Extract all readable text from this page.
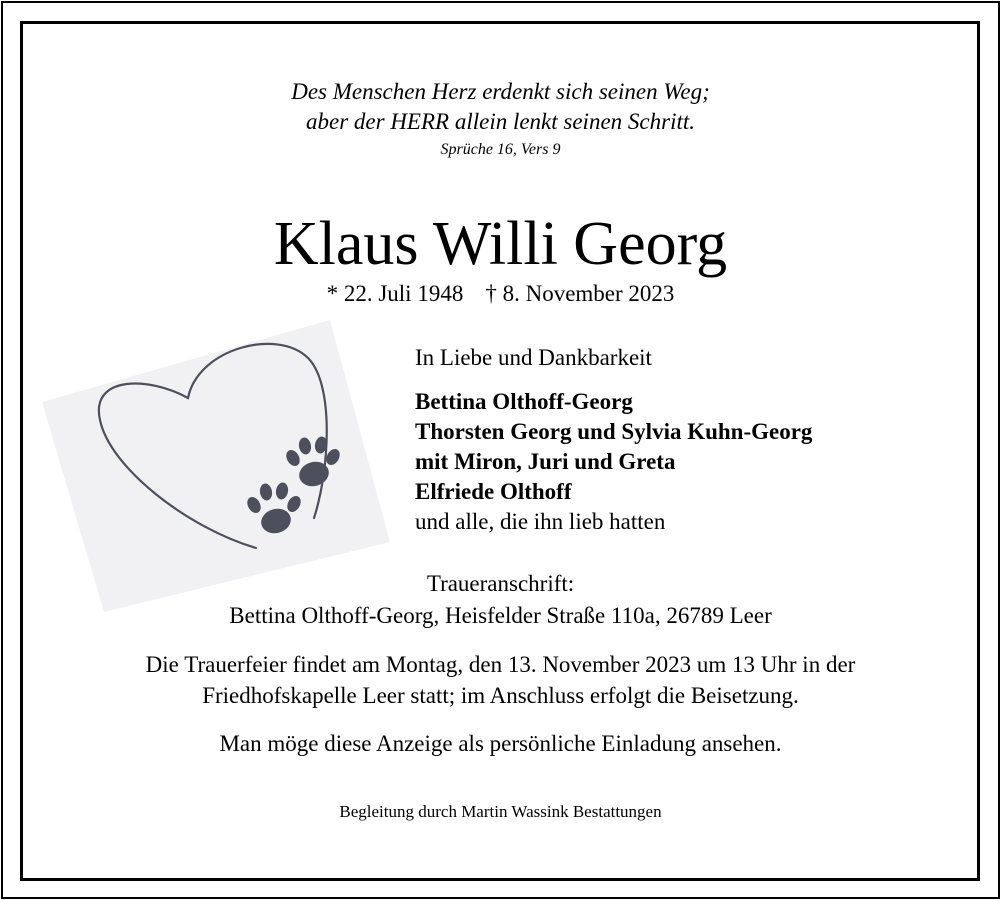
Des Menschen Herz erdenkt sich seinen Weg;

aber der HERR allein lenkt seinen Schritt.

Sprüche 16, Vers 9

Klaus Willi Georg

* 22. Juli 1948 † 8. November 2023

In Liebe und Dankbarkeit
Bettina Olthoff-Georg
Thorsten Georg und Sylvia Kuhn-Georg
mit Miron, Juri und Greta
Elfriede Olthoff
und alle, die ihn lieb hatten

Traueranschrift:

Bettina Olthoff-Georg, Heisfelder Straße 110a, 26789 Leer

Die Trauerfeier findet am Montag, den 13. November 2023 um 13 Uhr in der
Friedhofskapelle Leer statt; im Anschluss erfolgt die Beisetzung.

Man möge diese Anzeige als persönliche Einladung ansehen.

Begleitung durch Martin Wassink Bestattungen
